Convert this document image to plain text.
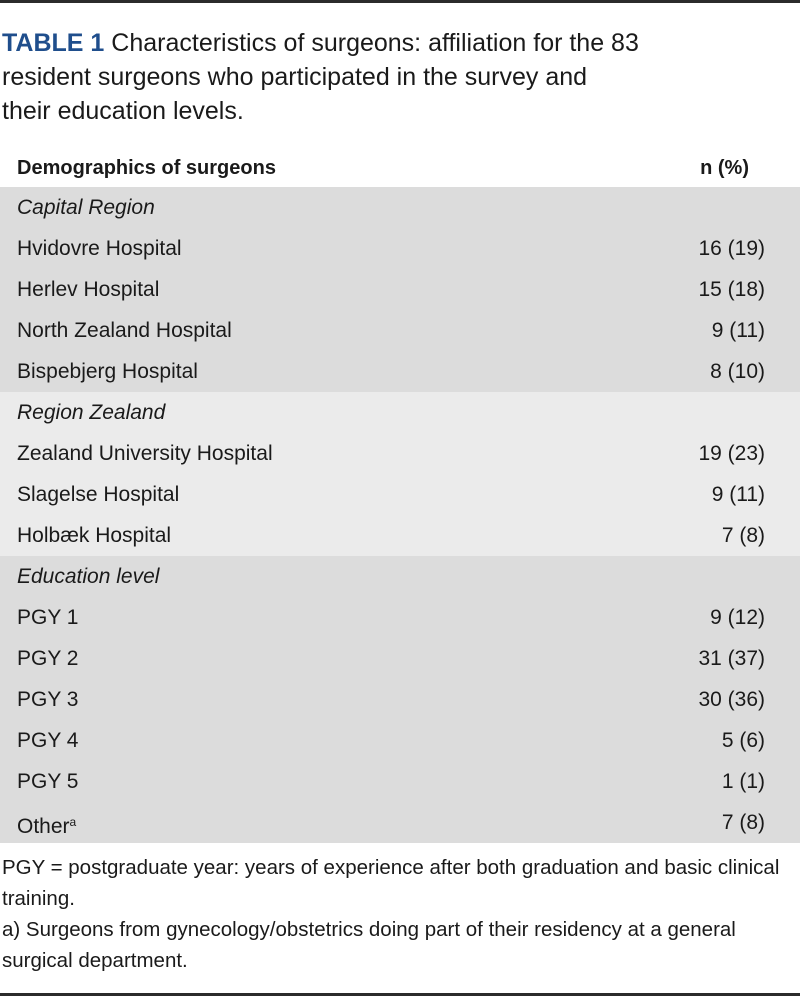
TABLE 1 Characteristics of surgeons: affiliation for the 83 resident surgeons who participated in the survey and their education levels.
Demographics of surgeons	n (%)
Capital Region
Hvidovre Hospital	16 (19)
Herlev Hospital	15 (18)
North Zealand Hospital	9 (11)
Bispebjerg Hospital	8 (10)
Region Zealand
Zealand University Hospital	19 (23)
Slagelse Hospital	9 (11)
Holbæk Hospital	7 (8)
Education level
PGY 1	9 (12)
PGY 2	31 (37)
PGY 3	30 (36)
PGY 4	5 (6)
PGY 5	1 (1)
Other$^a$	7 (8)

PGY = postgraduate year: years of experience after both graduation and basic clinical training.

a) Surgeons from gynecology/obstetrics doing part of their residency at a general surgical department.
